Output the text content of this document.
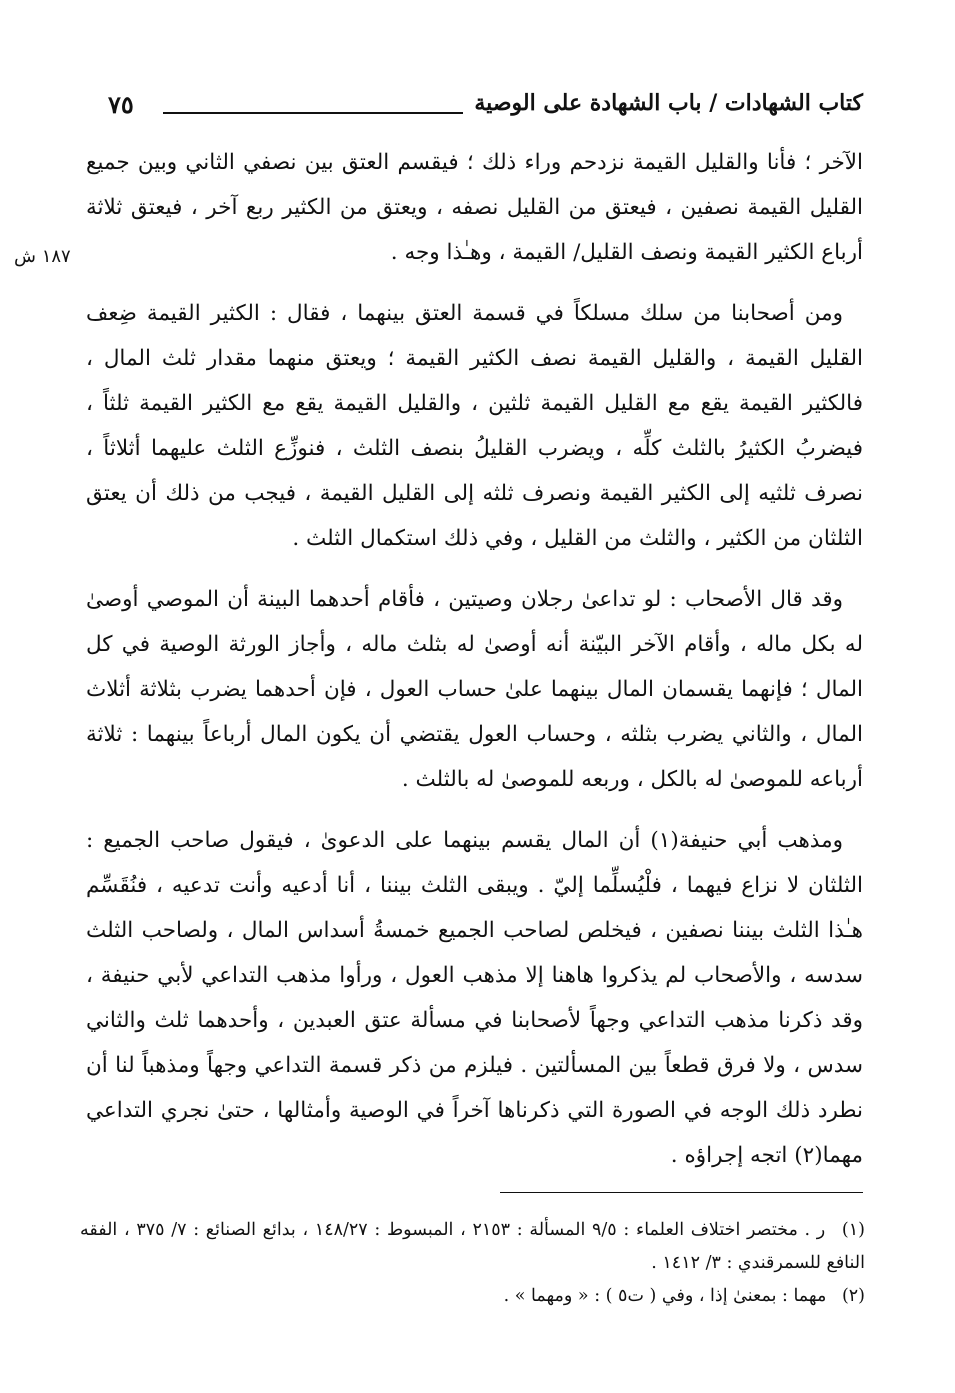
كتاب الشهادات / باب الشهادة على الوصية
٧٥
١٨٧ ش

الآخر ؛ فأنا والقليل القيمة نزدحم وراء ذلك ؛ فيقسم العتق بين نصفي الثاني وبين جميع القليل القيمة نصفين ، فيعتق من القليل نصفه ، ويعتق من الكثير ربع آخر ، فيعتق ثلاثة أرباع الكثير القيمة ونصف القليل/ القيمة ، وهـٰذا وجه .

ومن أصحابنا من سلك مسلكاً في قسمة العتق بينهما ، فقال : الكثير القيمة ضِعف القليل القيمة ، والقليل القيمة نصف الكثير القيمة ؛ ويعتق منهما مقدار ثلث المال ، فالكثير القيمة يقع مع القليل القيمة ثلثين ، والقليل القيمة يقع مع الكثير القيمة ثلثاً ، فيضربُ الكثيرُ بالثلث كلِّه ، ويضرب القليلُ بنصف الثلث ، فنوزِّع الثلث عليهما أثلاثاً ، نصرف ثلثيه إلى الكثير القيمة ونصرف ثلثه إلى القليل القيمة ، فيجب من ذلك أن يعتق الثلثان من الكثير ، والثلث من القليل ، وفي ذلك استكمال الثلث .

وقد قال الأصحاب : لو تداعىٰ رجلان وصيتين ، فأقام أحدهما البينة أن الموصي أوصىٰ له بكل ماله ، وأقام الآخر البيّنة أنه أوصىٰ له بثلث ماله ، وأجاز الورثة الوصية في كل المال ؛ فإنهما يقسمان المال بينهما علىٰ حساب العول ، فإن أحدهما يضرب بثلاثة أثلاث المال ، والثاني يضرب بثلثه ، وحساب العول يقتضي أن يكون المال أرباعاً بينهما : ثلاثة أرباعه للموصىٰ له بالكل ، وربعه للموصىٰ له بالثلث .

ومذهب أبي حنيفة(١) أن المال يقسم بينهما على الدعوىٰ ، فيقول صاحب الجميع : الثلثان لا نزاع فيهما ، فلْيُسلِّما إليّ . ويبقى الثلث بيننا ، أنا أدعيه وأنت تدعيه ، فنُقَسِّم هـٰذا الثلث بيننا نصفين ، فيخلص لصاحب الجميع خمسةُ أسداس المال ، ولصاحب الثلث سدسه ، والأصحاب لم يذكروا هاهنا إلا مذهب العول ، ورأوا مذهب التداعي لأبي حنيفة ، وقد ذكرنا مذهب التداعي وجهاً لأصحابنا في مسألة عتق العبدين ، وأحدهما ثلث والثاني سدس ، ولا فرق قطعاً بين المسألتين . فيلزم من ذكر قسمة التداعي وجهاً ومذهباً لنا أن نطرد ذلك الوجه في الصورة التي ذكرناها آخراً في الوصية وأمثالها ، حتىٰ نجري التداعي مهما(٢) اتجه إجراؤه .

(١) ر . مختصر اختلاف العلماء : ٩/٥ المسألة : ٢١٥٣ ، المبسوط : ١٤٨/٢٧ ، بدائع الصنائع : ٧/ ٣٧٥ ، الفقه النافع للسمرقندي : ٣/ ١٤١٢ .

(٢) مهما : بمعنىٰ إذا ، وفي ( ت٥ ) : « ومهما » .
